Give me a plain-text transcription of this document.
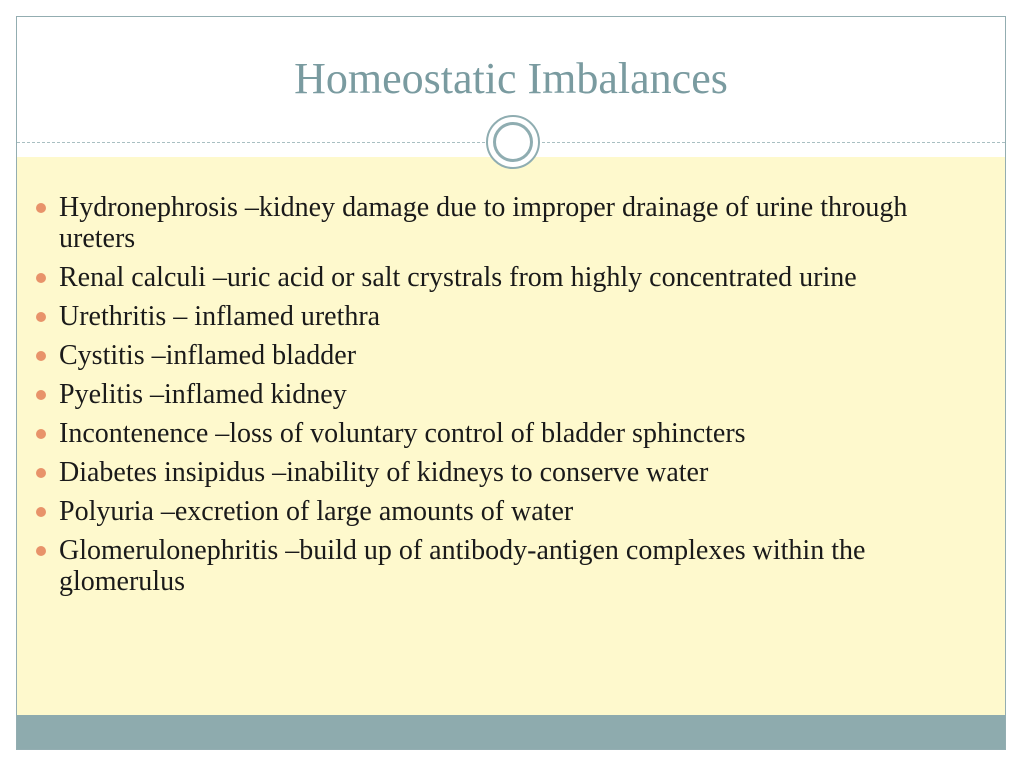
Homeostatic Imbalances
Hydronephrosis –kidney damage due to improper drainage of urine through ureters
Renal calculi –uric acid or salt crystrals from highly concentrated urine
Urethritis – inflamed urethra
Cystitis –inflamed bladder
Pyelitis –inflamed kidney
Incontenence –loss of voluntary control of bladder sphincters
Diabetes insipidus –inability of kidneys to conserve water
Polyuria –excretion of large amounts of water
Glomerulonephritis –build up of antibody-antigen complexes within the glomerulus
